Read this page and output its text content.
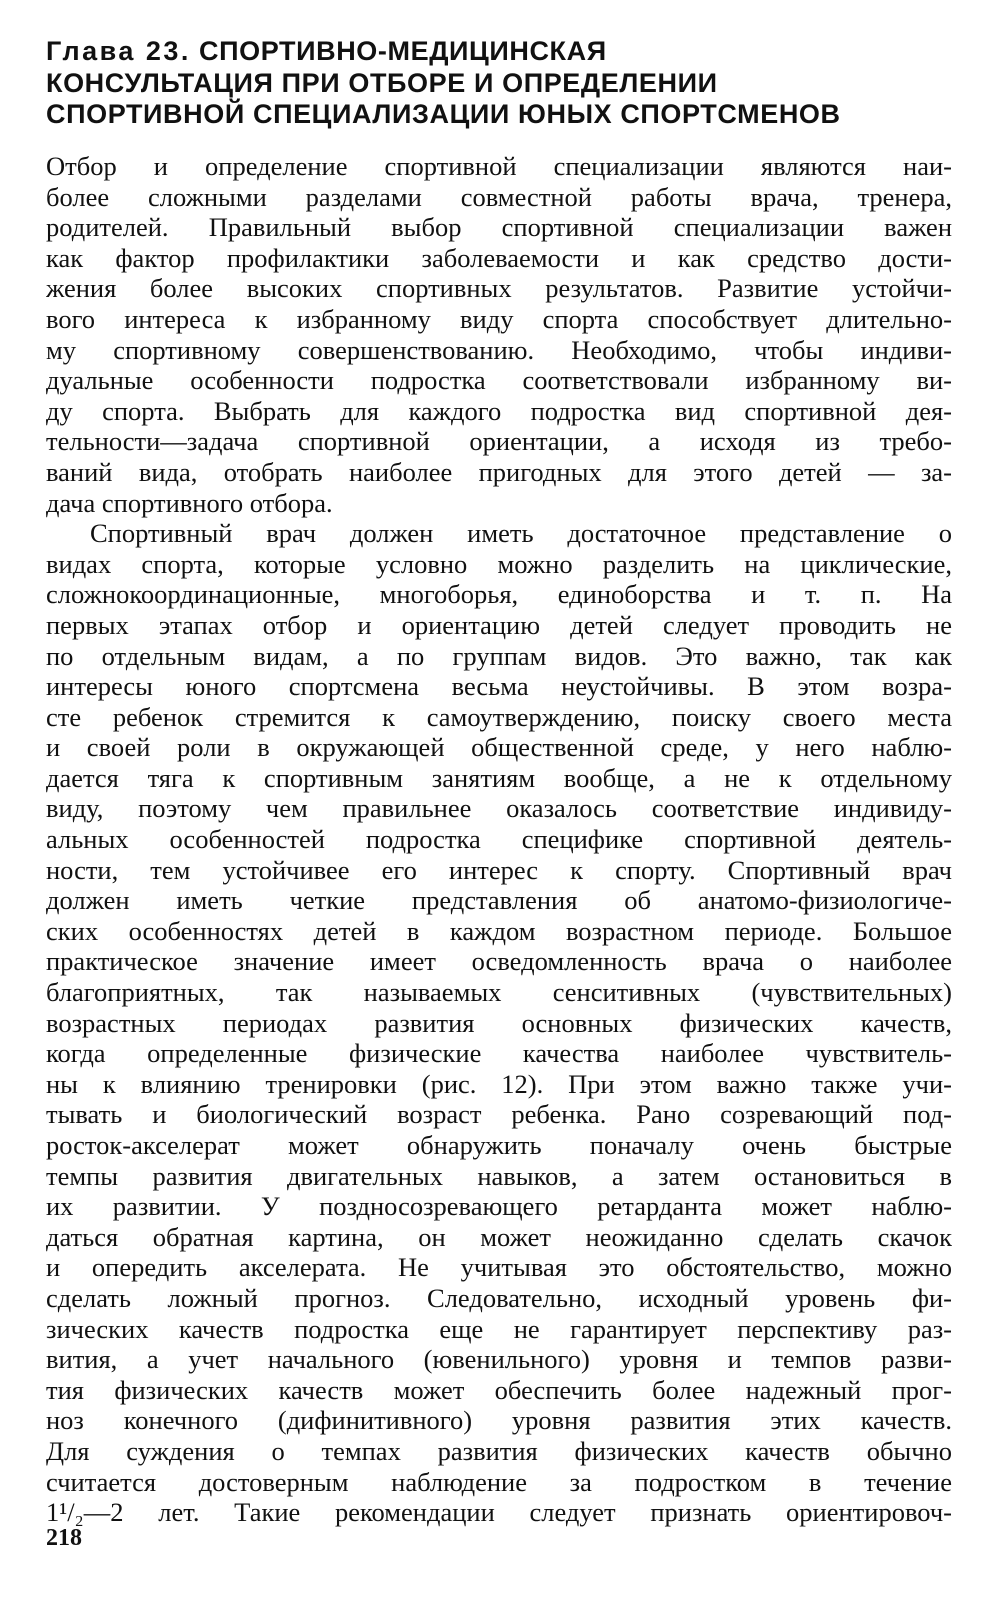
Глава 23. СПОРТИВНО-МЕДИЦИНСКАЯ
КОНСУЛЬТАЦИЯ ПРИ ОТБОРЕ И ОПРЕДЕЛЕНИИ
СПОРТИВНОЙ СПЕЦИАЛИЗАЦИИ ЮНЫХ СПОРТСМЕНОВ
Отбор и определение спортивной специализации являются наи-
более сложными разделами совместной работы врача, тренера,
родителей. Правильный выбор спортивной специализации важен
как фактор профилактики заболеваемости и как средство дости-
жения более высоких спортивных результатов. Развитие устойчи-
вого интереса к избранному виду спорта способствует длительно-
му спортивному совершенствованию. Необходимо, чтобы индиви-
дуальные особенности подростка соответствовали избранному ви-
ду спорта. Выбрать для каждого подростка вид спортивной дея-
тельности—задача спортивной ориентации, а исходя из требо-
ваний вида, отобрать наиболее пригодных для этого детей — за-
дача спортивного отбора.
Спортивный врач должен иметь достаточное представление о
видах спорта, которые условно можно разделить на циклические,
сложнокоординационные, многоборья, единоборства и т. п. На
первых этапах отбор и ориентацию детей следует проводить не
по отдельным видам, а по группам видов. Это важно, так как
интересы юного спортсмена весьма неустойчивы. В этом возра-
сте ребенок стремится к самоутверждению, поиску своего места
и своей роли в окружающей общественной среде, у него наблю-
дается тяга к спортивным занятиям вообще, а не к отдельному
виду, поэтому чем правильнее оказалось соответствие индивиду-
альных особенностей подростка специфике спортивной деятель-
ности, тем устойчивее его интерес к спорту. Спортивный врач
должен иметь четкие представления об анатомо-физиологиче-
ских особенностях детей в каждом возрастном периоде. Большое
практическое значение имеет осведомленность врача о наиболее
благоприятных, так называемых сенситивных (чувствительных)
возрастных периодах развития основных физических качеств,
когда определенные физические качества наиболее чувствитель-
ны к влиянию тренировки (рис. 12). При этом важно также учи-
тывать и биологический возраст ребенка. Рано созревающий под-
росток-акселерат может обнаружить поначалу очень быстрые
темпы развития двигательных навыков, а затем остановиться в
их развитии. У поздносозревающего ретарданта может наблю-
даться обратная картина, он может неожиданно сделать скачок
и опередить акселерата. Не учитывая это обстоятельство, можно
сделать ложный прогноз. Следовательно, исходный уровень фи-
зических качеств подростка еще не гарантирует перспективу раз-
вития, а учет начального (ювенильного) уровня и темпов разви-
тия физических качеств может обеспечить более надежный прог-
ноз конечного (дифинитивного) уровня развития этих качеств.
Для суждения о темпах развития физических качеств обычно
считается достоверным наблюдение за подростком в течение
1¹/₂—2 лет. Такие рекомендации следует признать ориентировоч-
218
